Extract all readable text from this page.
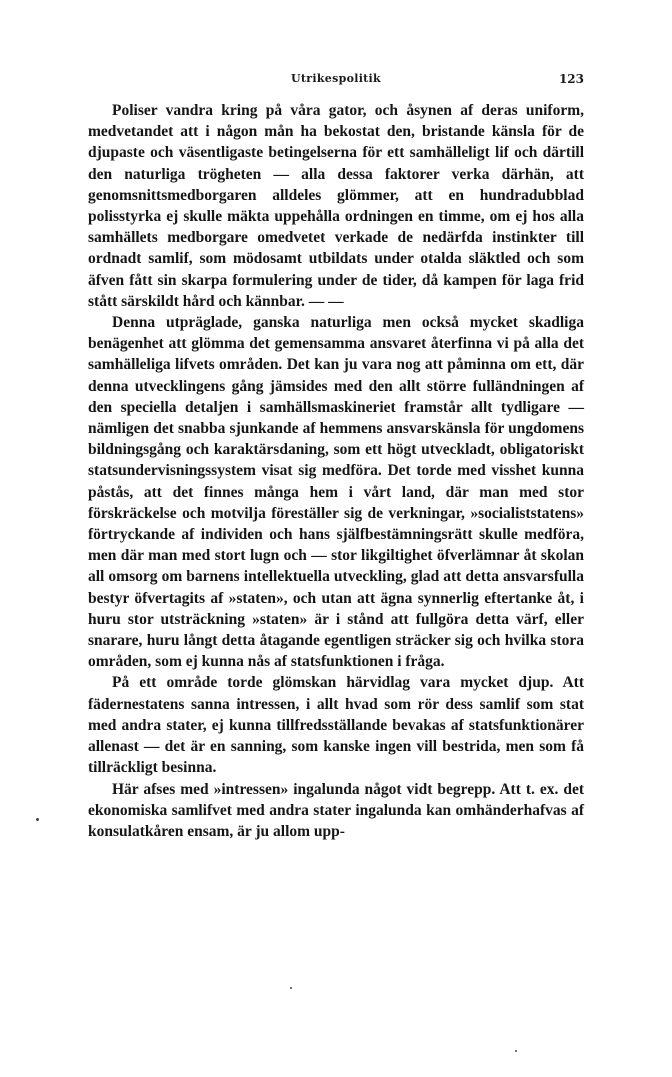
Utrikespolitik	123

Poliser vandra kring på våra gator, och åsynen af deras uniform, medvetandet att i någon mån ha bekostat den, bristande känsla för de djupaste och väsentligaste betingelserna för ett samhälleligt lif och därtill den naturliga trögheten — alla dessa faktorer verka därhän, att genomsnittsmedborgaren alldeles glömmer, att en hundradubblad polisstyrka ej skulle mäkta uppehålla ordningen en timme, om ej hos alla samhällets medborgare omedvetet verkade de nedärfda instinkter till ordnadt samlif, som mödosamt utbildats under otalda släktled och som äfven fått sin skarpa formulering under de tider, då kampen för laga frid stått särskildt hård och kännbar. — —

Denna utpräglade, ganska naturliga men också mycket skadliga benägenhet att glömma det gemensamma ansvaret återfinna vi på alla det samhälleliga lifvets områden. Det kan ju vara nog att påminna om ett, där denna utvecklingens gång jämsides med den allt större fulländningen af den speciella detaljen i samhällsmaskineriet framstår allt tydligare — nämligen det snabba sjunkande af hemmens ansvarskänsla för ungdomens bildningsgång och karaktärsdaning, som ett högt utveckladt, obligatoriskt statsundervisningssystem visat sig medföra. Det torde med visshet kunna påstås, att det finnes många hem i vårt land, där man med stor förskräckelse och motvilja föreställer sig de verkningar, »socialiststatens» förtryckande af individen och hans själfbestämningsrätt skulle medföra, men där man med stort lugn och — stor likgiltighet öfverlämnar åt skolan all omsorg om barnens intellektuella utveckling, glad att detta ansvarsfulla bestyr öfvertagits af »staten», och utan att ägna synnerlig eftertanke åt, i huru stor utsträckning »staten» är i stånd att fullgöra detta värf, eller snarare, huru långt detta åtagande egentligen sträcker sig och hvilka stora områden, som ej kunna nås af statsfunktionen i fråga.

På ett område torde glömskan härvidlag vara mycket djup. Att fädernestatens sanna intressen, i allt hvad som rör dess samlif som stat med andra stater, ej kunna tillfredsställande bevakas af statsfunktionärer allenast — det är en sanning, som kanske ingen vill bestrida, men som få tillräckligt besinna.

Här afses med »intressen» ingalunda något vidt begrepp. Att t. ex. det ekonomiska samlifvet med andra stater ingalunda kan omhänderhafvas af konsulatkåren ensam, är ju allom upp-
